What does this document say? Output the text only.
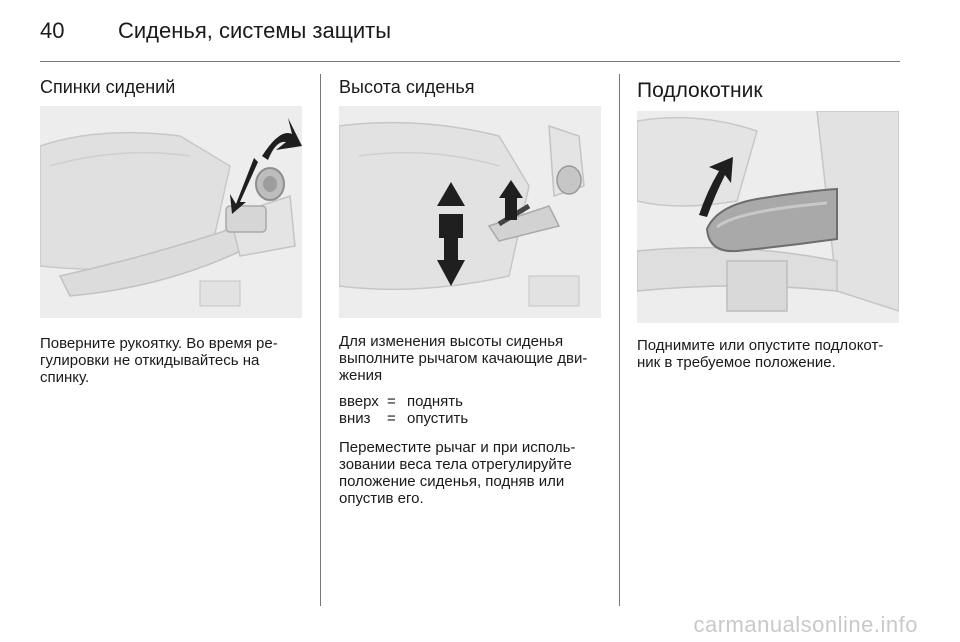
40 Сиденья, системы защиты
Спинки сидений
Поверните рукоятку. Во время ре-
гулировки не откидывайтесь на
спинку.
Высота сиденья
Для изменения высоты сиденья
выполните рычагом качающие дви-
жения
вверх = поднять
вниз	= опустить
Переместите рычаг и при исполь-
зовании веса тела отрегулируйте
положение сиденья, подняв или
опустив его.
Подлокотник
Поднимите или опустите подлокот-
ник в требуемое положение.
carmanualsonline.info
